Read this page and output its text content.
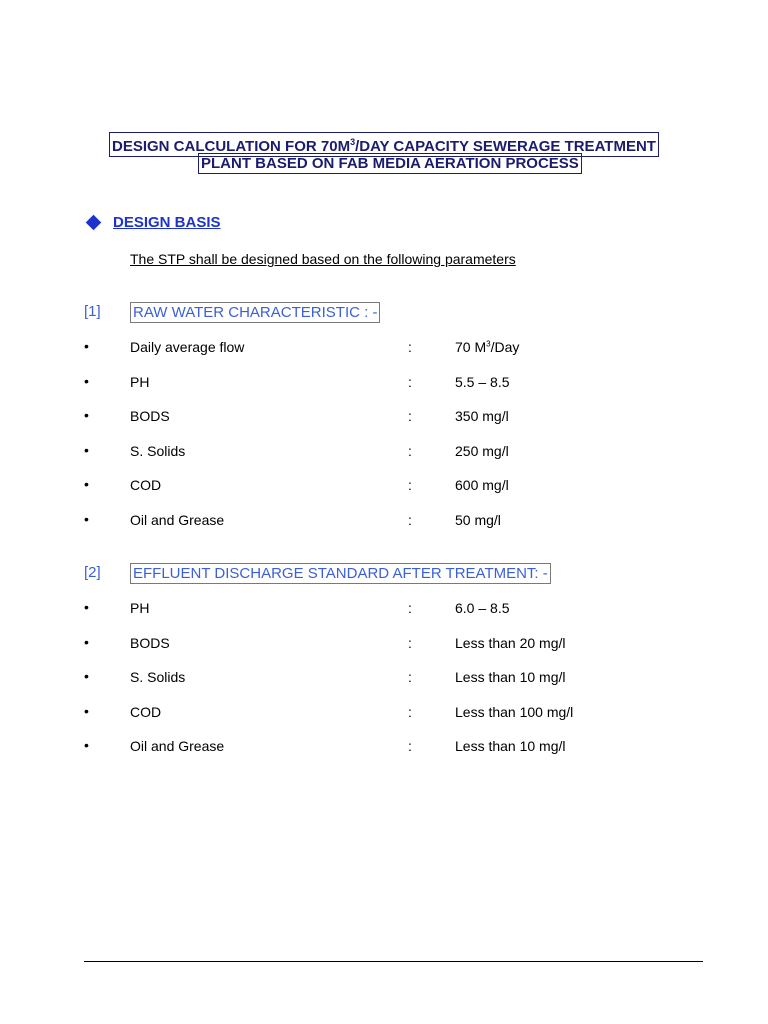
DESIGN CALCULATION FOR $70M^3$/DAY CAPACITY SEWERAGE TREATMENT
PLANT BASED ON FAB MEDIA AERATION PROCESS
DESIGN BASIS
The STP shall be designed based on the following parameters
[1] RAW WATER CHARACTERISTIC : -
•	Daily average flow	:	70 $M^3$/Day
•	PH	:	5.5 – 8.5
•	BODS	:	350 mg/l
•	S. Solids	:	250 mg/l
•	COD	:	600 mg/l
•	Oil and Grease	:	50 mg/l
[2] EFFLUENT DISCHARGE STANDARD AFTER TREATMENT: -
•	PH	:	6.0 – 8.5
•	BODS	:	Less than 20 mg/l
•	S. Solids	:	Less than 10 mg/l
•	COD	:	Less than 100 mg/l
•	Oil and Grease	:	Less than 10 mg/l
